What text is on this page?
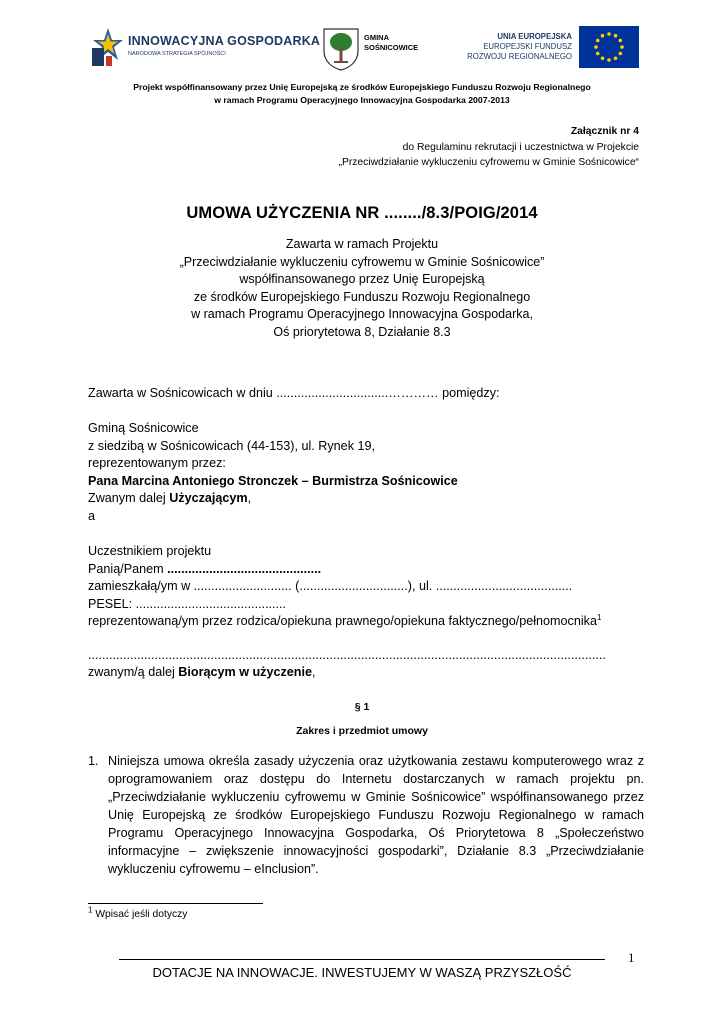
INNOWACYJNA GOSPODARKA
NARODOWA STRATEGIA SPÓJNOŚCI
GMINA
SOŚNICOWICE
UNIA EUROPEJSKA
EUROPEJSKI FUNDUSZ
ROZWOJU REGIONALNEGO
Projekt współfinansowany przez Unię Europejską ze środków Europejskiego Funduszu Rozwoju Regionalnego
w ramach Programu Operacyjnego Innowacyjna Gospodarka 2007-2013
Załącznik nr 4
do Regulaminu rekrutacji i uczestnictwa w Projekcie
„Przeciwdziałanie wykluczeniu cyfrowemu w Gminie Sośnicowice“
UMOWA UŻYCZENIA NR ......../8.3/POIG/2014
Zawarta w ramach Projektu
„Przeciwdziałanie wykluczeniu cyfrowemu w Gminie Sośnicowice”
współfinansowanego przez Unię Europejską
ze środków Europejskiego Funduszu Rozwoju Regionalnego
w ramach Programu Operacyjnego Innowacyjna Gospodarka,
Oś priorytetowa 8, Działanie 8.3
Zawarta w Sośnicowicach w dniu ................................………… pomiędzy:
Gminą Sośnicowice
z siedzibą w Sośnicowicach (44-153), ul. Rynek 19,
reprezentowanym przez:
Pana Marcina Antoniego Stronczek – Burmistrza Sośnicowice
Zwanym dalej Użyczającym,
a
Uczestnikiem projektu
Panią/Panem ............................................
zamieszkałą/ym w ............................ (...............................), ul. .......................................
PESEL: ...........................................
reprezentowaną/ym przez rodzica/opiekuna prawnego/opiekuna faktycznego/pełnomocnika$^1$
....................................................................................................................................................
zwanym/ą dalej Biorącym w użyczenie,
§ 1
Zakres i przedmiot umowy
1. Niniejsza umowa określa zasady użyczenia oraz użytkowania zestawu komputerowego wraz z oprogramowaniem oraz dostępu do Internetu dostarczanych w ramach projektu pn. „Przeciwdziałanie wykluczeniu cyfrowemu w Gminie Sośnicowice” współfinansowanego przez Unię Europejską ze środków Europejskiego Funduszu Rozwoju Regionalnego w ramach Programu Operacyjnego Innowacyjna Gospodarka, Oś Priorytetowa 8 „Społeczeństwo informacyjne – zwiększenie innowacyjności gospodarki”, Działanie 8.3 „Przeciwdziałanie wykluczeniu cyfrowemu – eInclusion”.
$^1$ Wpisać jeśli dotyczy
1
DOTACJE NA INNOWACJE. INWESTUJEMY W WASZĄ PRZYSZŁOŚĆ
